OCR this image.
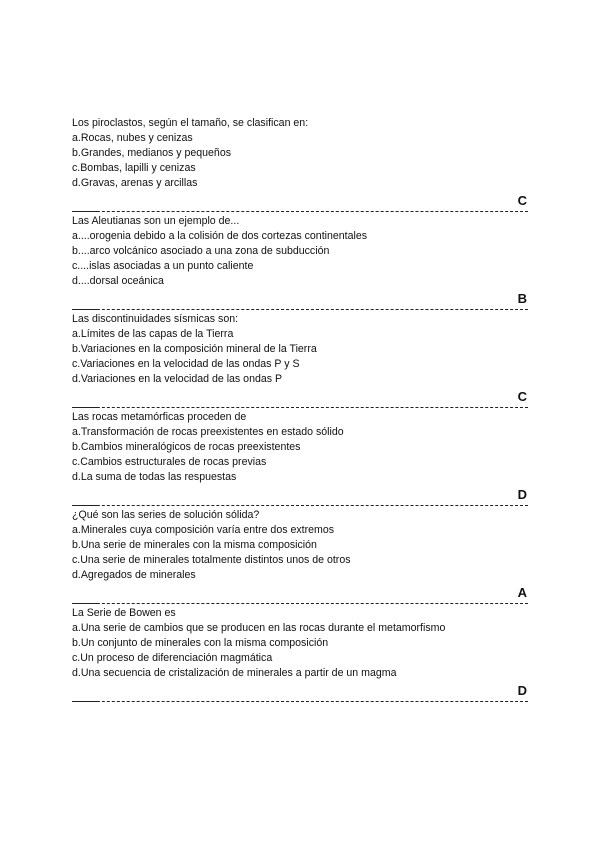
Los piroclastos, según el tamaño, se clasifican en:
a.Rocas, nubes y cenizas
b.Grandes, medianos y pequeños
c.Bombas, lapilli y cenizas
d.Gravas, arenas y arcillas
C
Las Aleutianas son un ejemplo de...
a....orogenia debido a la colisión de dos cortezas continentales
b....arco volcánico asociado a una zona de subducción
c....islas asociadas a un punto caliente
d....dorsal oceánica
B
Las discontinuidades sísmicas son:
a.Límites de las capas de la Tierra
b.Variaciones en la composición mineral de la Tierra
c.Variaciones en la velocidad de las ondas P y S
d.Variaciones en la velocidad de las ondas P
C
Las rocas metamórficas proceden de
a.Transformación de rocas preexistentes en estado sólido
b.Cambios mineralógicos de rocas preexistentes
c.Cambios estructurales de rocas previas
d.La suma de todas las respuestas
D
¿Qué son las series de solución sólida?
a.Minerales cuya composición varía entre dos extremos
b.Una serie de minerales con la misma composición
c.Una serie de minerales totalmente distintos unos de otros
d.Agregados de minerales
A
La Serie de Bowen es
a.Una serie de cambios que se producen en las rocas durante el metamorfismo
b.Un conjunto de minerales con la misma composición
c.Un proceso de diferenciación magmática
d.Una secuencia de cristalización de minerales a partir de un magma
D
